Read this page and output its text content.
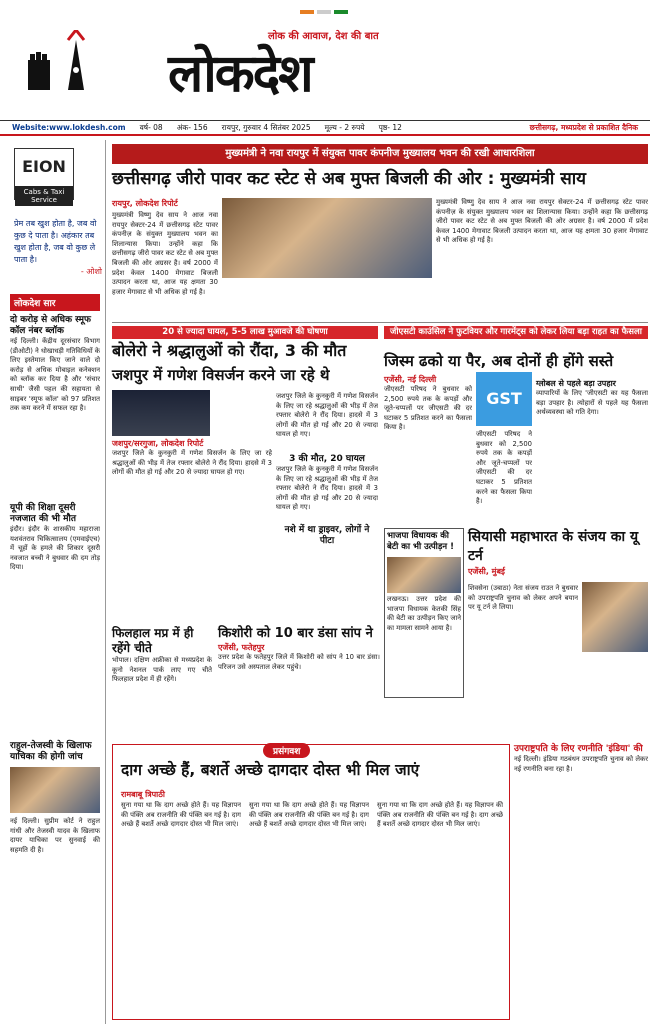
लोक की आवाज, देश की बात
लोकदेश
Website:www.lokdesh.com वर्ष- 08 अंक- 156 रायपुर, गुरुवार 4 सितंबर 2025 मूल्य - 2 रुपये पृष्ठ- 12	छत्तीसगढ़, मध्यप्रदेश से प्रकाशित दैनिक
EION
Cabs & Taxi Service
प्रेम तब खुश होता है, जब वो कुछ दे पाता है। अहंकार तब खुश होता है, जब वो कुछ ले पाता है।
- ओशो
लोकदेश सार
दो करोड़ से अधिक स्मूफ कॉल नंबर ब्लॉक
नई दिल्ली। केंद्रीय दूरसंचार विभाग (डीओटी) ने धोखाधड़ी गतिविधियों के लिए इस्तेमाल किए जाने वाले दो करोड़ से अधिक मोबाइल कनेक्शन को ब्लॉक कर दिया है और 'संचार साथी' जैसी पहल की सहायता से साइबर 'स्मूफ कॉल' को 97 प्रतिशत तक कम करने में सफल रहा है।
यूपी की शिक्षा दूसरी नजजात की भी मौत
इंदौर। इंदौर के शासकीय महाराजा यशवंतराव चिकित्सालय (एमवाईएच) में चूहों के हमले की शिकार दूसरी नवजात बच्ची ने बुधवार की दम तोड़ दिया।
राहुल-तेजस्वी के खिलाफ याचिका की होगी जांच
नई दिल्ली। सुप्रीम कोर्ट ने राहुल गांधी और तेजस्वी यादव के खिलाफ दायर याचिका पर सुनवाई की सहमति दी है।
मुख्यमंत्री ने नवा रायपुर में संयुक्त पावर कंपनीज मुख्यालय भवन की रखी आधारशिला
छत्तीसगढ़ जीरो पावर कट स्टेट से अब मुफ्त बिजली की ओर : मुख्यमंत्री साय
रायपुर, लोकदेश रिपोर्ट
मुख्यमंत्री विष्णु देव साय ने आज नवा रायपुर सेक्टर-24 में छत्तीसगढ़ स्टेट पावर कंपनीज़ के संयुक्त मुख्यालय भवन का शिलान्यास किया। उन्होंने कहा कि छत्तीसगढ़ जीरो पावर कट स्टेट से अब मुफ्त बिजली की ओर अग्रसर है। वर्ष 2000 में प्रदेश केवल 1400 मेगावाट बिजली उत्पादन करता था, आज यह क्षमता 30 हजार मेगावाट से भी अधिक हो गई है।
मुख्यमंत्री विष्णु देव साय ने आज नवा रायपुर सेक्टर-24 में छत्तीसगढ़ स्टेट पावर कंपनीज़ के संयुक्त मुख्यालय भवन का शिलान्यास किया। उन्होंने कहा कि छत्तीसगढ़ जीरो पावर कट स्टेट से अब मुफ्त बिजली की ओर अग्रसर है। वर्ष 2000 में प्रदेश केवल 1400 मेगावाट बिजली उत्पादन करता था, आज यह क्षमता 30 हजार मेगावाट से भी अधिक हो गई है।
20 से ज्यादा घायल, 5-5 लाख मुआवजे की घोषणा
बोलेरो ने श्रद्धालुओं को रौंदा, 3 की मौत
जशपुर में गणेश विसर्जन करने जा रहे थे
जशपुर/सरगुजा, लोकदेश रिपोर्ट
जशपुर जिले के कुनकुरी में गणेश विसर्जन के लिए जा रहे श्रद्धालुओं की भीड़ में तेज रफ्तार बोलेरो ने रौंद दिया। हादसे में 3 लोगों की मौत हो गई और 20 से ज्यादा घायल हो गए।
जशपुर जिले के कुनकुरी में गणेश विसर्जन के लिए जा रहे श्रद्धालुओं की भीड़ में तेज रफ्तार बोलेरो ने रौंद दिया। हादसे में 3 लोगों की मौत हो गई और 20 से ज्यादा घायल हो गए।
3 की मौत, 20 घायल
जशपुर जिले के कुनकुरी में गणेश विसर्जन के लिए जा रहे श्रद्धालुओं की भीड़ में तेज रफ्तार बोलेरो ने रौंद दिया। हादसे में 3 लोगों की मौत हो गई और 20 से ज्यादा घायल हो गए।
नशे में था ड्राइवर, लोगों ने पीटा
जीएसटी काउंसिल ने फुटवियर और गारमेंट्स को लेकर लिया बड़ा राहत का फैसला
जिस्म ढको या पैर, अब दोनों ही होंगे सस्ते
एजेंसी, नई दिल्ली
जीएसटी परिषद ने बुधवार को 2,500 रुपये तक के कपड़ों और जूते-चप्पलों पर जीएसटी की दर घटाकर 5 प्रतिशत करने का फैसला किया है।
GST
जीएसटी परिषद ने बुधवार को 2,500 रुपये तक के कपड़ों और जूते-चप्पलों पर जीएसटी की दर घटाकर 5 प्रतिशत करने का फैसला किया है।
ग्लोबल से पहले बड़ा उपहार
व्यापारियों के लिए 'जीएसटी का यह फैसला बड़ा उपहार है। त्योहारों से पहले यह फैसला अर्थव्यवस्था को गति देगा।
भाजपा विधायक की बेटी का भी उत्पीड़न !
लखनऊ। उत्तर प्रदेश की भाजपा विधायक केतकी सिंह की बेटी का उत्पीड़न किए जाने का मामला सामने आया है।
सियासी महाभारत के संजय का यू टर्न
एजेंसी, मुंबई
शिवसेना (उबाठा) नेता संजय राउत ने बुधवार को उपराष्ट्रपति चुनाव को लेकर अपने बयान पर यू टर्न ले लिया।
फिलहाल मप्र में ही रहेंगे चीते
भोपाल। दक्षिण अफ्रीका से मध्यप्रदेश के कूनो नेशनल पार्क लाए गए चीते फिलहाल प्रदेश में ही रहेंगे।
किशोरी को 10 बार डंसा सांप ने
एजेंसी, फतेहपुर
उत्तर प्रदेश के फतेहपुर जिले में किशोरी को सांप ने 10 बार डंसा। परिजन उसे अस्पताल लेकर पहुंचे।
उपराष्ट्रपति के लिए रणनीति 'इंडिया' की
नई दिल्ली। इंडिया गठबंधन उपराष्ट्रपति चुनाव को लेकर नई रणनीति बना रहा है।
प्रसंगवश
दाग अच्छे हैं, बशर्ते अच्छे दागदार दोस्त भी मिल जाएं
रामबाबू त्रिपाठी
सुना गया था कि दाग अच्छे होते हैं। यह विज्ञापन की पंक्ति अब राजनीति की पंक्ति बन गई है। दाग अच्छे हैं बशर्ते अच्छे दागदार दोस्त भी मिल जाएं।
सुना गया था कि दाग अच्छे होते हैं। यह विज्ञापन की पंक्ति अब राजनीति की पंक्ति बन गई है। दाग अच्छे हैं बशर्ते अच्छे दागदार दोस्त भी मिल जाएं।
सुना गया था कि दाग अच्छे होते हैं। यह विज्ञापन की पंक्ति अब राजनीति की पंक्ति बन गई है। दाग अच्छे हैं बशर्ते अच्छे दागदार दोस्त भी मिल जाएं।
